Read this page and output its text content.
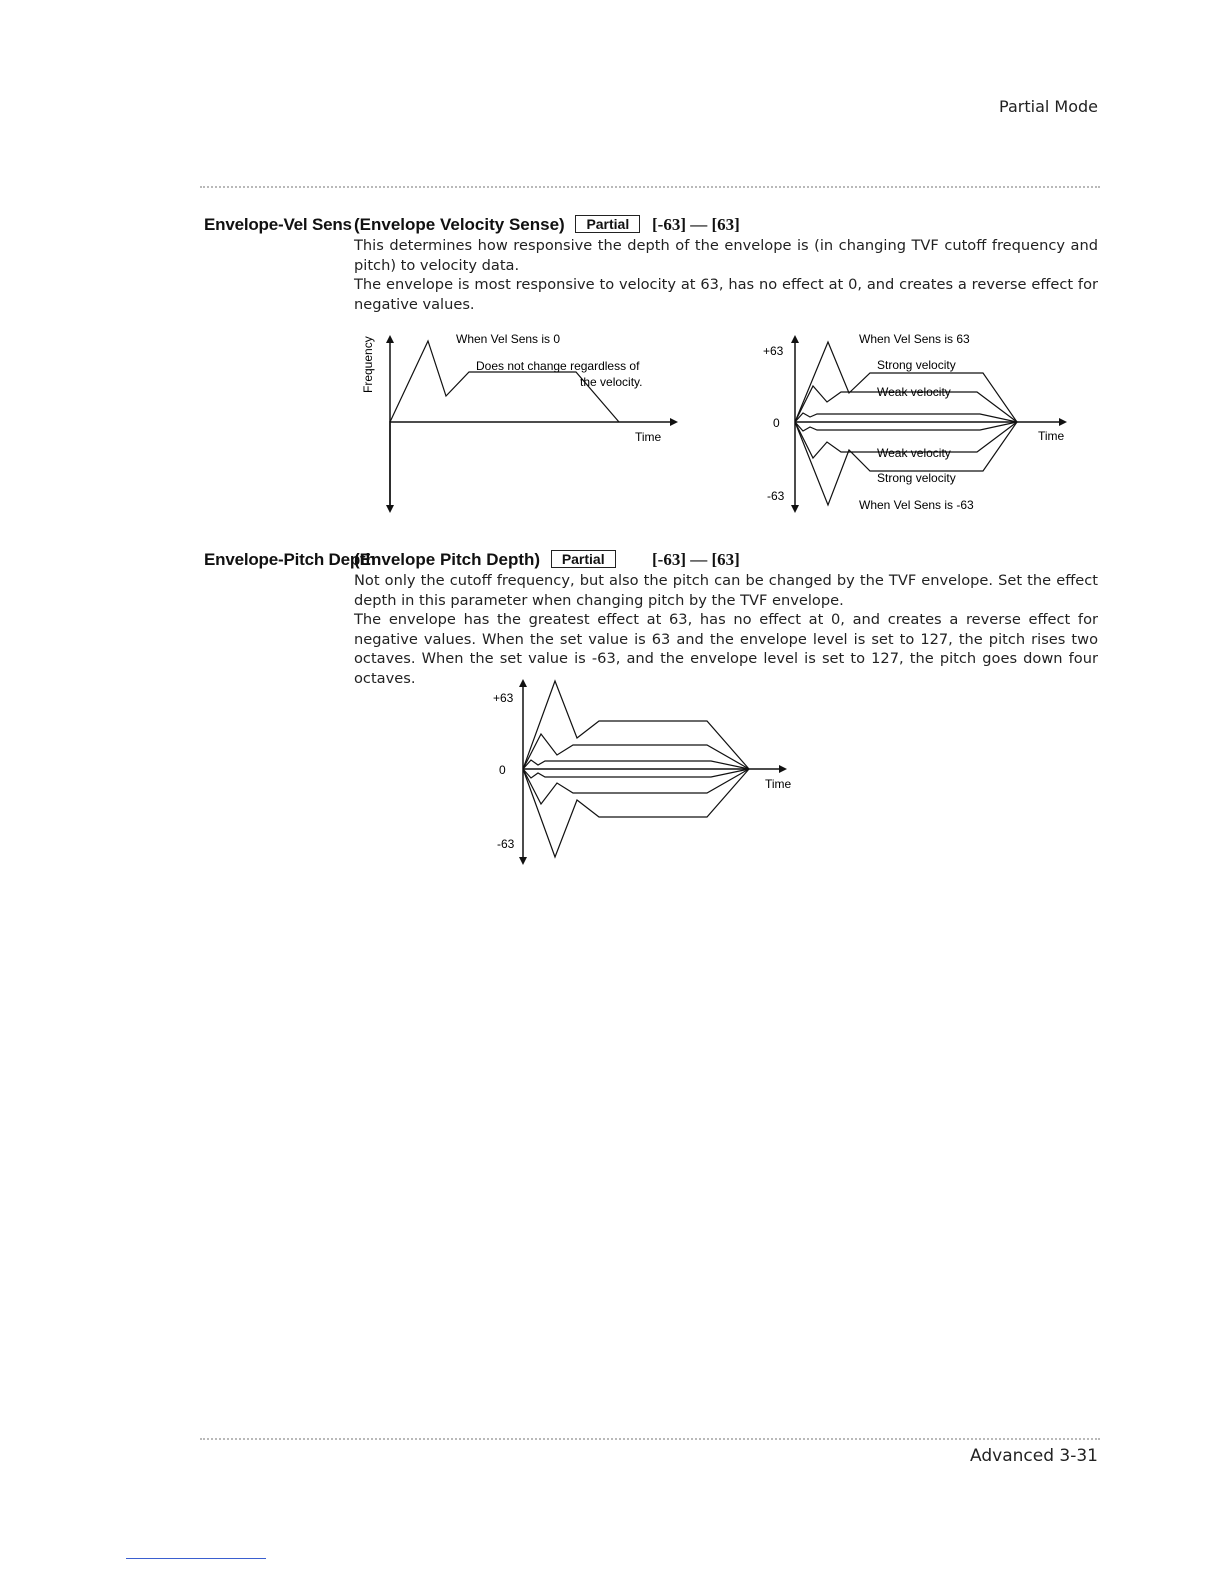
Partial Mode
Envelope-Vel Sens (Envelope Velocity Sense) Partial	[-63] — [63]

This determines how responsive the depth of the envelope is (in changing TVF cutoff frequency and pitch) to velocity data.

The envelope is most responsive to velocity at 63, has no effect at 0, and creates a reverse effect for negative values.

Frequency	When Vel Sens is 0
Does not change regardless of
the velocity.
Time
+63
0
-63
When Vel Sens is 63
Strong velocity
Weak velocity
Weak velocity
Strong velocity
When Vel Sens is -63
Time
Envelope-Pitch Depth
(Envelope Pitch Depth) Partial	[-63] — [63]

Not only the cutoff frequency, but also the pitch can be changed by the TVF envelope. Set the effect depth in this parameter when changing pitch by the TVF envelope.

The envelope has the greatest effect at 63, has no effect at 0, and creates a reverse effect for negative values. When the set value is 63 and the envelope level is set to 127, the pitch rises two octaves. When the set value is -63, and the envelope level is set to 127, the pitch goes down four octaves.

+63
0
-63
Time
Advanced 3-31
